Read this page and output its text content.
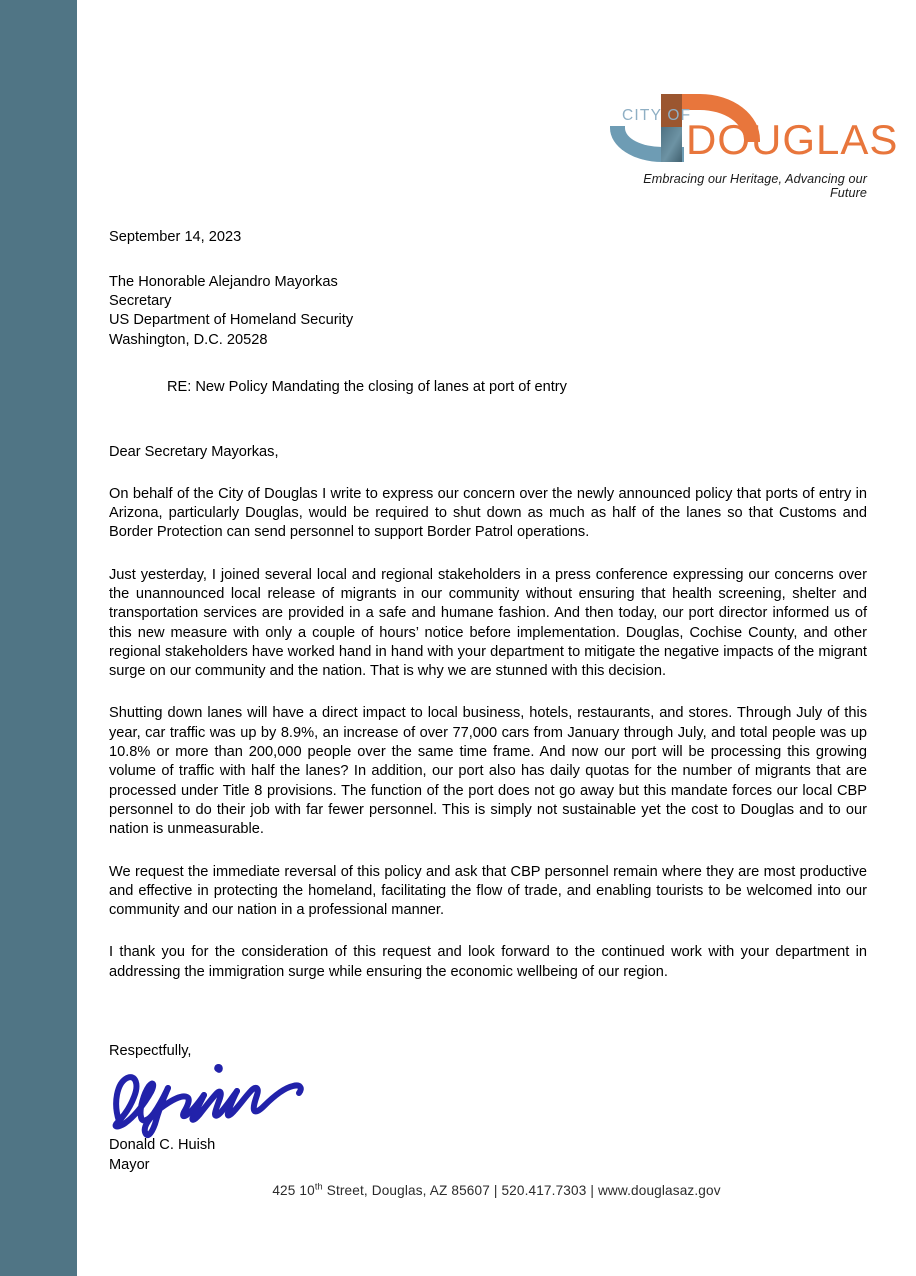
CITY OF
DOUGLAS
Embracing our Heritage, Advancing our Future

September 14, 2023

The Honorable Alejandro Mayorkas

Secretary

US Department of Homeland Security

Washington, D.C. 20528

RE: New Policy Mandating the closing of lanes at port of entry

Dear Secretary Mayorkas,

On behalf of the City of Douglas I write to express our concern over the newly announced policy that ports of entry in Arizona, particularly Douglas, would be required to shut down as much as half of the lanes so that Customs and Border Protection can send personnel to support Border Patrol operations.

Just yesterday, I joined several local and regional stakeholders in a press conference expressing our concerns over the unannounced local release of migrants in our community without ensuring that health screening, shelter and transportation services are provided in a safe and humane fashion. And then today, our port director informed us of this new measure with only a couple of hours’ notice before implementation. Douglas, Cochise County, and other regional stakeholders have worked hand in hand with your department to mitigate the negative impacts of the migrant surge on our community and the nation. That is why we are stunned with this decision.

Shutting down lanes will have a direct impact to local business, hotels, restaurants, and stores. Through July of this year, car traffic was up by 8.9%, an increase of over 77,000 cars from January through July, and total people was up 10.8% or more than 200,000 people over the same time frame. And now our port will be processing this growing volume of traffic with half the lanes? In addition, our port also has daily quotas for the number of migrants that are processed under Title 8 provisions. The function of the port does not go away but this mandate forces our local CBP personnel to do their job with far fewer personnel. This is simply not sustainable yet the cost to Douglas and to our nation is unmeasurable.

We request the immediate reversal of this policy and ask that CBP personnel remain where they are most productive and effective in protecting the homeland, facilitating the flow of trade, and enabling tourists to be welcomed into our community and our nation in a professional manner.

I thank you for the consideration of this request and look forward to the continued work with your department in addressing the immigration surge while ensuring the economic wellbeing of our region.

Respectfully,

Donald C. Huish

Mayor

425 10th Street, Douglas, AZ 85607 | 520.417.7303 | www.douglasaz.gov
